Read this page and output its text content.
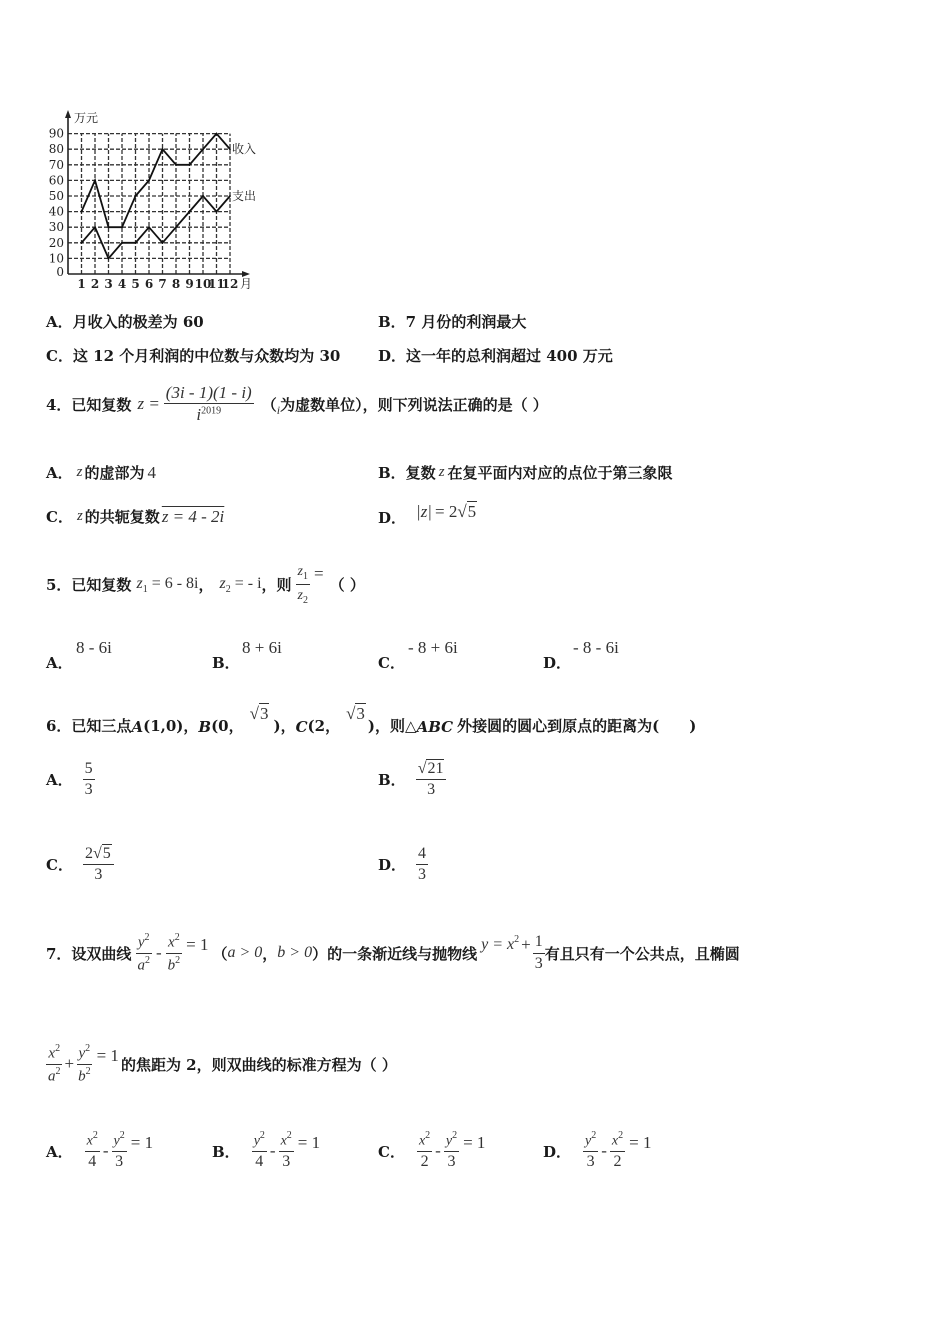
0
10
20
30
40
50
60
70
80
90
1 2 3 4 5 6 7 8 9 10
11
12
万元
月
收入
支出
A．月收入的极差为 60	B．7 月份的利润最大
C．这 12 个月利润的中位数与众数均为 30	D．这一年的总利润超过 400 万元
4．已知复数 $z = \frac{(3i - 1)(1 - i)}{i^{2019}}$ （ i 为虚数单位），则下列说法正确的是（ ）
A． z 的虚部为 4	B．复数 z 在复平面内对应的点位于第三象限
C． z 的共轭复数 z = 4 - 2i	D． |z| = 2 √ 5
5．已知复数 $z_1 = 6 - 8i$ ， $z_2$ = - i ，则 $\frac{z_1}{z_2}$ =
（ ）
A．
8 - 6i
B．
8 + 6i
C．
- 8 + 6i
D．
- 8 - 6i
6．已知三点 A (1,0)， B (0，
√ 3
)， C (2，
√ 3
)，则△ ABC 外接圆的圆心到原点的距离为(　　)
A． $\frac{5}{3}$	B． $\frac{√21}{3}$
C． $\frac{2√5}{3}$	D． $\frac{4}{3}$
7．设双曲线 $\frac{y^2}{a^2} - \frac{x^2}{b^2} = 1$ （ a > 0 ， b > 0 ）的一条渐近线与抛物线 $y = x^2 + \frac{1}{3}$ 有且只有一个公共点，且椭圆
$\frac{x^2}{a^2} + \frac{y^2}{b^2} = 1$ 的焦距为 2，则双曲线的标准方程为（ ）
A． $\frac{x^2}{4} - \frac{y^2}{3} = 1$	B． $\frac{y^2}{4} - \frac{x^2}{3} = 1$	C． $\frac{x^2}{2} - \frac{y^2}{3} = 1$	D． $\frac{y^2}{3} - \frac{x^2}{2} = 1$
